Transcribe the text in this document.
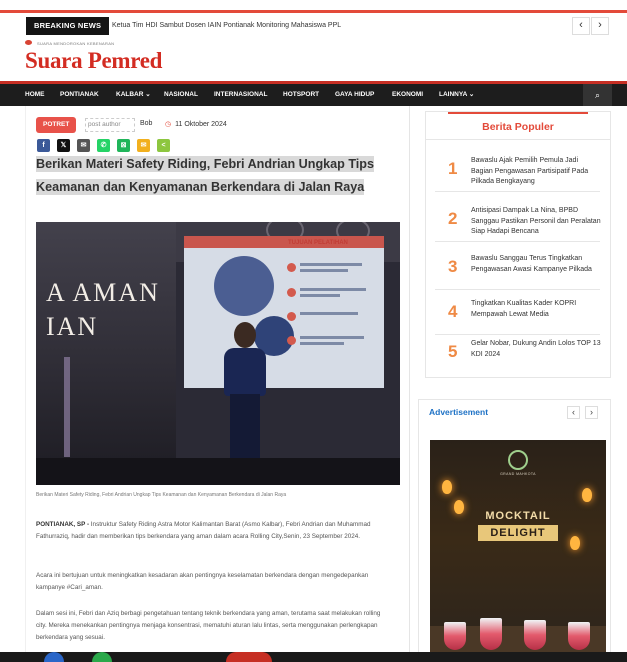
BREAKING NEWS	Ketua Tim HDI Sambut Dosen IAIN Pontianak Monitoring Mahasiswa PPL	‹	›
SUARA MENDOROKAN KEBENARAN
Suara Pemred
HOME PONTIANAK	KALBAR ⌄ NASIONAL INTERNASIONAL HOTSPORT GAYA HIDUP	EKONOMI LAINNYA ⌄	⌕
POTRET	post author	Bob ◷ 11 Oktober 2024
f	𝕏	✉	✆	⊠	✉	<
Berikan Materi Safety Riding, Febri Andrian Ungkap Tips Keamanan dan Kenyamanan Berkendara di Jalan Raya
A AMAN
IAN
TUJUAN PELATIHAN
Berikan Materi Safety Riding, Febri Andrian Ungkap Tips Keamanan dan Kenyamanan Berkendara di Jalan Raya

PONTIANAK, SP - Instruktur Safety Riding Astra Motor Kalimantan Barat (Asmo Kalbar), Febri Andrian dan Muhammad Fathurraziq, hadir dan memberikan tips berkendara yang aman dalam acara Rolling City,Senin, 23 September 2024.

Acara ini bertujuan untuk meningkatkan kesadaran akan pentingnya keselamatan berkendara dengan mengedepankan kampanye #Cari_aman.

Dalam sesi ini, Febri dan Aziq berbagi pengetahuan tentang teknik berkendara yang aman, terutama saat melakukan rolling city. Mereka menekankan pentingnya menjaga konsentrasi, mematuhi aturan lalu lintas, serta menggunakan perlengkapan berkendara yang sesuai.

Berita Populer
1 Bawaslu Ajak Pemilih Pemula Jadi Bagian Pengawasan Partisipatif Pada Pilkada Bengkayang
2 Antisipasi Dampak La Nina, BPBD Sanggau Pastikan Personil dan Peralatan Siap Hadapi Bencana
3 Bawaslu Sanggau Terus Tingkatkan Pengawasan Awasi Kampanye Pilkada
4 Tingkatkan Kualitas Kader KOPRI Mempawah Lewat Media
5 Gelar Nobar, Dukung Andin Lolos TOP 13 KDI 2024
Advertisement	‹	›
GRAND MAHKOTA
MOCKTAIL
DELIGHT
